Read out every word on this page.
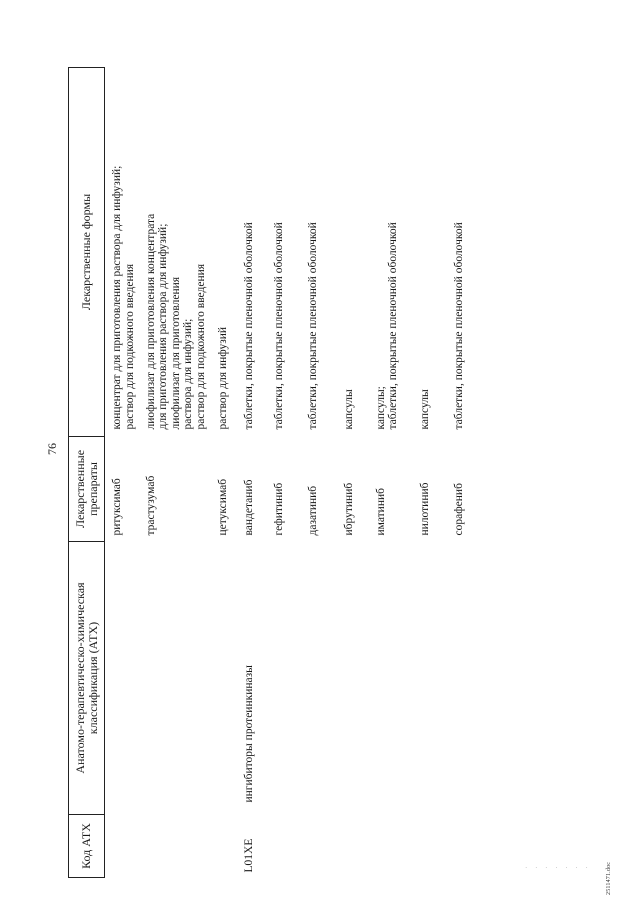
76
Код АТХ	Анатомо-терапевтическо-химическая классификация (АТХ)	Лекарственные препараты	Лекарственные формы
		ритуксимаб	концентрат для приготовления раствора для инфузий; раствор для подкожного введения

		трастузумаб	лиофилизат для приготовления концентрата для приготовления раствора для инфузий; лиофилизат для приготовления раствора для инфузий; раствор для подкожного введения

		цетуксимаб	раствор для инфузий

L01XE	ингибиторы протеинкиназы	вандетаниб	таблетки, покрытые пленочной оболочкой

		гефитиниб	таблетки, покрытые пленочной оболочкой

		дазатиниб	таблетки, покрытые пленочной оболочкой

		ибрутиниб	капсулы

		иматиниб	капсулы; таблетки, покрытые пленочной оболочкой

		нилотиниб	капсулы

		сорафениб	таблетки, покрытые пленочной оболочкой
2511471.doc
· · · · · · ·
